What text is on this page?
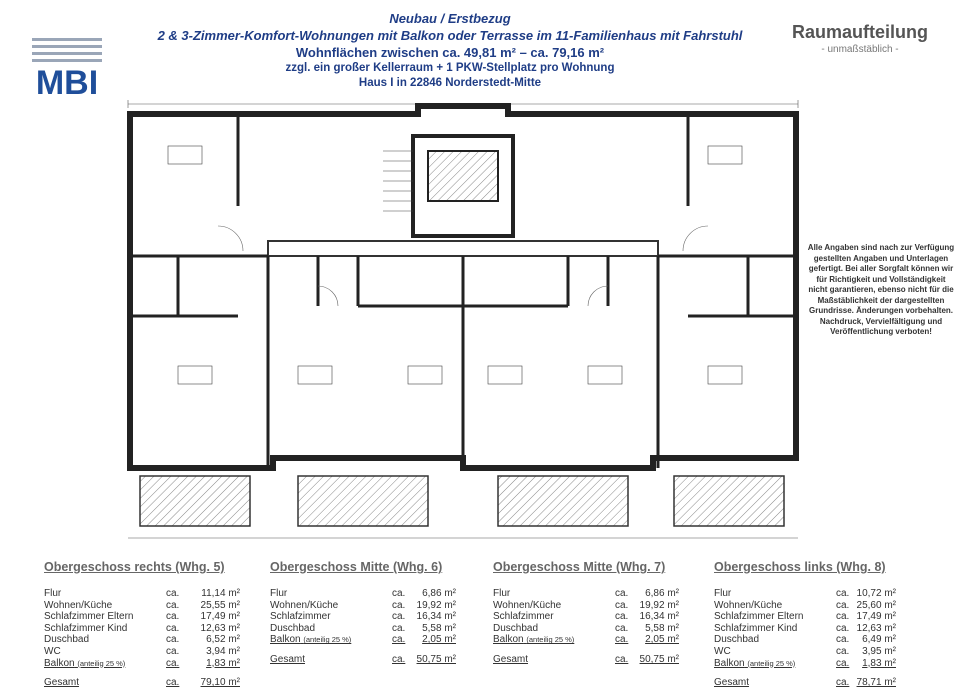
MBI
Neubau / Erstbezug
2 & 3-Zimmer-Komfort-Wohnungen mit Balkon oder Terrasse im 11-Familienhaus mit Fahrstuhl
Wohnflächen zwischen ca. 49,81 m² – ca. 79,16 m²
zzgl. ein großer Kellerraum + 1 PKW-Stellplatz pro Wohnung
Haus I in 22846 Norderstedt-Mitte
Raumaufteilung
- unmaßstäblich -
Alle Angaben sind nach zur Verfügung gestellten Angaben und Unterlagen gefertigt. Bei aller Sorgfalt können wir für Richtigkeit und Vollständigkeit nicht garantieren, ebenso nicht für die Maßstäblichkeit der dargestellten Grundrisse. Änderungen vorbehalten. Nachdruck, Vervielfältigung und Veröffentlichung verboten!
Obergeschoss rechts (Whg. 5)
Flur	ca. 11,14 m²
Wohnen/Küche	ca. 25,55 m²
Schlafzimmer Eltern	ca. 17,49 m²
Schlafzimmer Kind	ca. 12,63 m²
Duschbad	ca.	6,52 m²
WC	ca.	3,94 m²
Balkon (anteilig 25 %)	ca.	1,83 m²
Gesamt	ca. 79,10 m²
Obergeschoss Mitte (Whg. 6)
Flur	ca. 6,86 m²
Wohnen/Küche	ca. 19,92 m²
Schlafzimmer	ca. 16,34 m²
Duschbad	ca. 5,58 m²
Balkon (anteilig 25 %)	ca. 2,05 m²
Gesamt	ca. 50,75 m²
Obergeschoss Mitte (Whg. 7)
Flur	ca. 6,86 m²
Wohnen/Küche	ca. 19,92 m²
Schlafzimmer	ca. 16,34 m²
Duschbad	ca. 5,58 m²
Balkon (anteilig 25 %)	ca. 2,05 m²
Gesamt	ca. 50,75 m²
Obergeschoss links (Whg. 8)
Flur	ca. 10,72 m²
Wohnen/Küche	ca. 25,60 m²
Schlafzimmer Eltern	ca. 17,49 m²
Schlafzimmer Kind	ca. 12,63 m²
Duschbad	ca. 6,49 m²
WC	ca. 3,95 m²
Balkon (anteilig 25 %)	ca. 1,83 m²
Gesamt	ca. 78,71 m²
